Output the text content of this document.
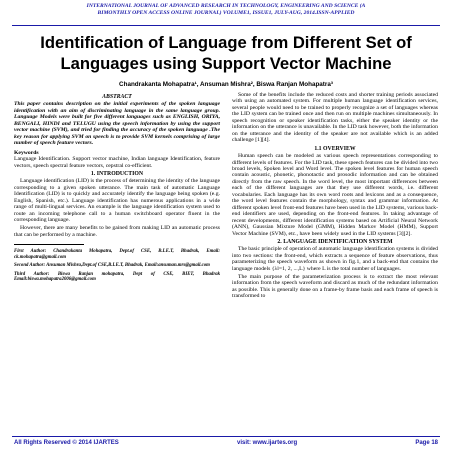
INTERNATIONAL JOURNAL OF ADVANCED RESEARCH IN TECHNOLOGY, ENGINEERING AND SCIENCE (A
BIMONTHLY OPEN ACCESS ONLINE JOURNAL) VOLUME1, ISSUE1, JULY-AUG, 2014.ISSN-APPLIED
Identification of Language from Different Set of Languages using Support Vector Machine
Chandrakanta Mohapatra¹, Ansuman Mishra², Biswa Ranjan Mohapatra³
ABSTRACT

This paper contains description on the initial experiments of the spoken language identification with an aim of discriminating language in the same language group. Language Models were built for five different languages such as ENGLISH, ORIYA, BENGALI, HINDI and TELUGU using the speech information by using the support vector machine (SVM), and tried for finding the accuracy of the spoken language .The key reason for applying SVM on speech is to provide SVM kernels comprising of large number of speech feature vectors.

Keywords

Language Identification. Support vector machine, Indian language Identification, feature vectors, speech spectral feature vectors, cepstral co-efficient.

1. INTRODUCTION

Language identification (LID) is the process of determining the identity of the language corresponding to a given spoken utterance. The main task of automatic Language Identification (LID) is to quickly and accurately identify the language being spoken (e.g. English, Spanish, etc.). Language identification has numerous applications in a wide range of multi-lingual services. An example is the language identification system used to route an incoming telephone call to a human switchboard operator fluent in the corresponding language.

However, there are many benefits to be gained from making LID an automatic process that can be performed by a machine.

First Author: Chandrakanta Mohapatra, Dept.of CSE, B.I.E.T, Bhadrak, Email: ck.mohapatra@gmail.com

Second Author: Ansuman Mishra,Dept.of CSE,B.I.E.T, Bhadrak, Email:ansuman.mrs@gmail.com

Third Author: Biswa Ranjan mohapatra, Dept of CSE, BIET, Bhadrak Email:biswa.mohapatra2006@gmail.com

Some of the benefits include the reduced costs and shorter training periods associated with using an automated system. For multiple human language identification services, several people would need to be trained to properly recognize a set of languages whereas the LID system can be trained once and then run on multiple machines simultaneously. In speech recognition or speaker identification tasks, either the speaker identity or the information on the utterance is unavailable. In the LID task however, both the information on the utterance and the identity of the speaker are not available which is an added challenge [1][4].

1.1 OVERVIEW

Human speech can be modeled as various speech representations corresponding to different levels of features. For the LID task, these speech features can be divided into two broad levels, Spoken level and Word level. The spoken level features for human speech contain acoustic, phonetic, phonotactic and prosodic information and can be obtained directly from the raw speech. In the word level, the most important differences between each of the different languages are that they use different words, i.e. different vocabularies. Each language has its own word roots and lexicons and as a consequence, the word level features contain the morphology, syntax and grammar information. At different spoken level front-end features have been used in the LID systems, various back-end identifiers are used, depending on the front-end features. In taking advantage of recent developments, different identification systems based on Artificial Neural Network (ANN), Gaussian Mixture Model (GMM), Hidden Markov Model (HMM), Support Vector Machine (SVM), etc., have been widely used in the LID systems [3][2].

2. LANGUAGE IDENTIFICATION SYSTEM

The basic principle of operation of automatic language identification systems is divided into two sections: the front-end, which extracts a sequence of feature observations, thus parameterizing the speech waveform as shown in fig.1, and a back-end that contains the language models {λl=1, 2, ...,L} where L is the total number of languages.

The main purpose of the parameterization process is to extract the most relevant information from the speech waveform and discard as much of the redundant information as possible. This is generally done on a frame-by frame basis and each frame of speech is transformed to

All Rights Reserved © 2014 IJARTES	visit: www.ijartes.org	Page 18
